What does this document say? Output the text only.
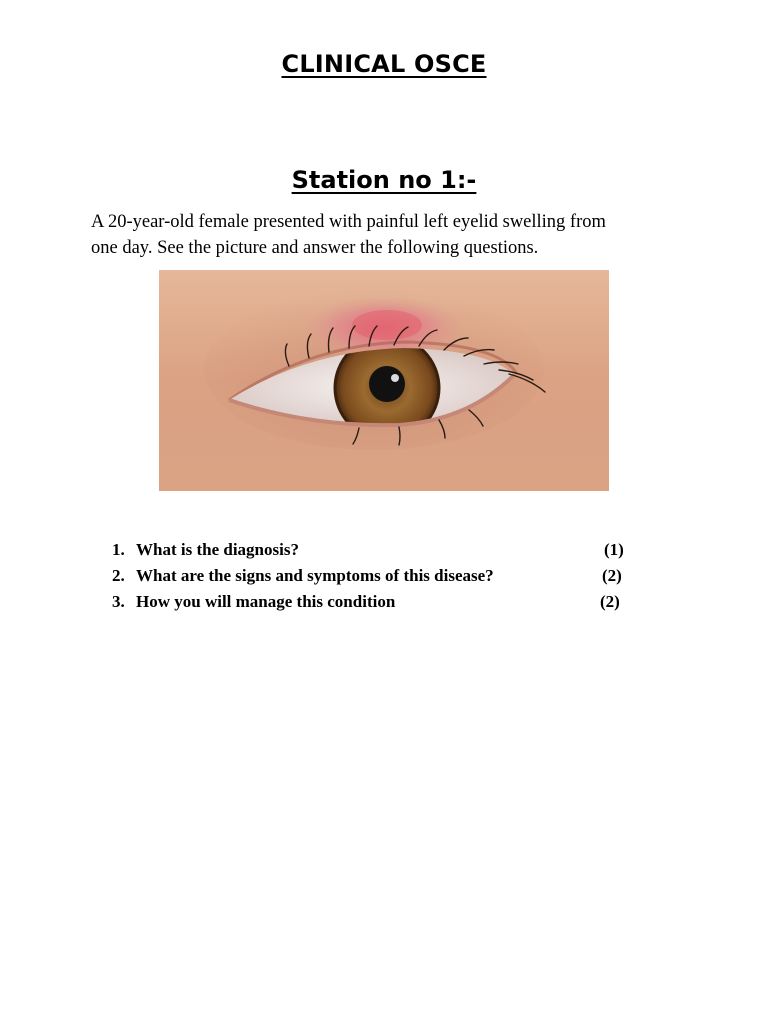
CLINICAL OSCE
Station no 1:-
A 20-year-old female presented with painful left eyelid swelling from
one day. See the picture and answer the following questions.
1. What is the diagnosis?	(1)
2. What are the signs and symptoms of this disease?	(2)
3. How you will manage this condition	(2)
